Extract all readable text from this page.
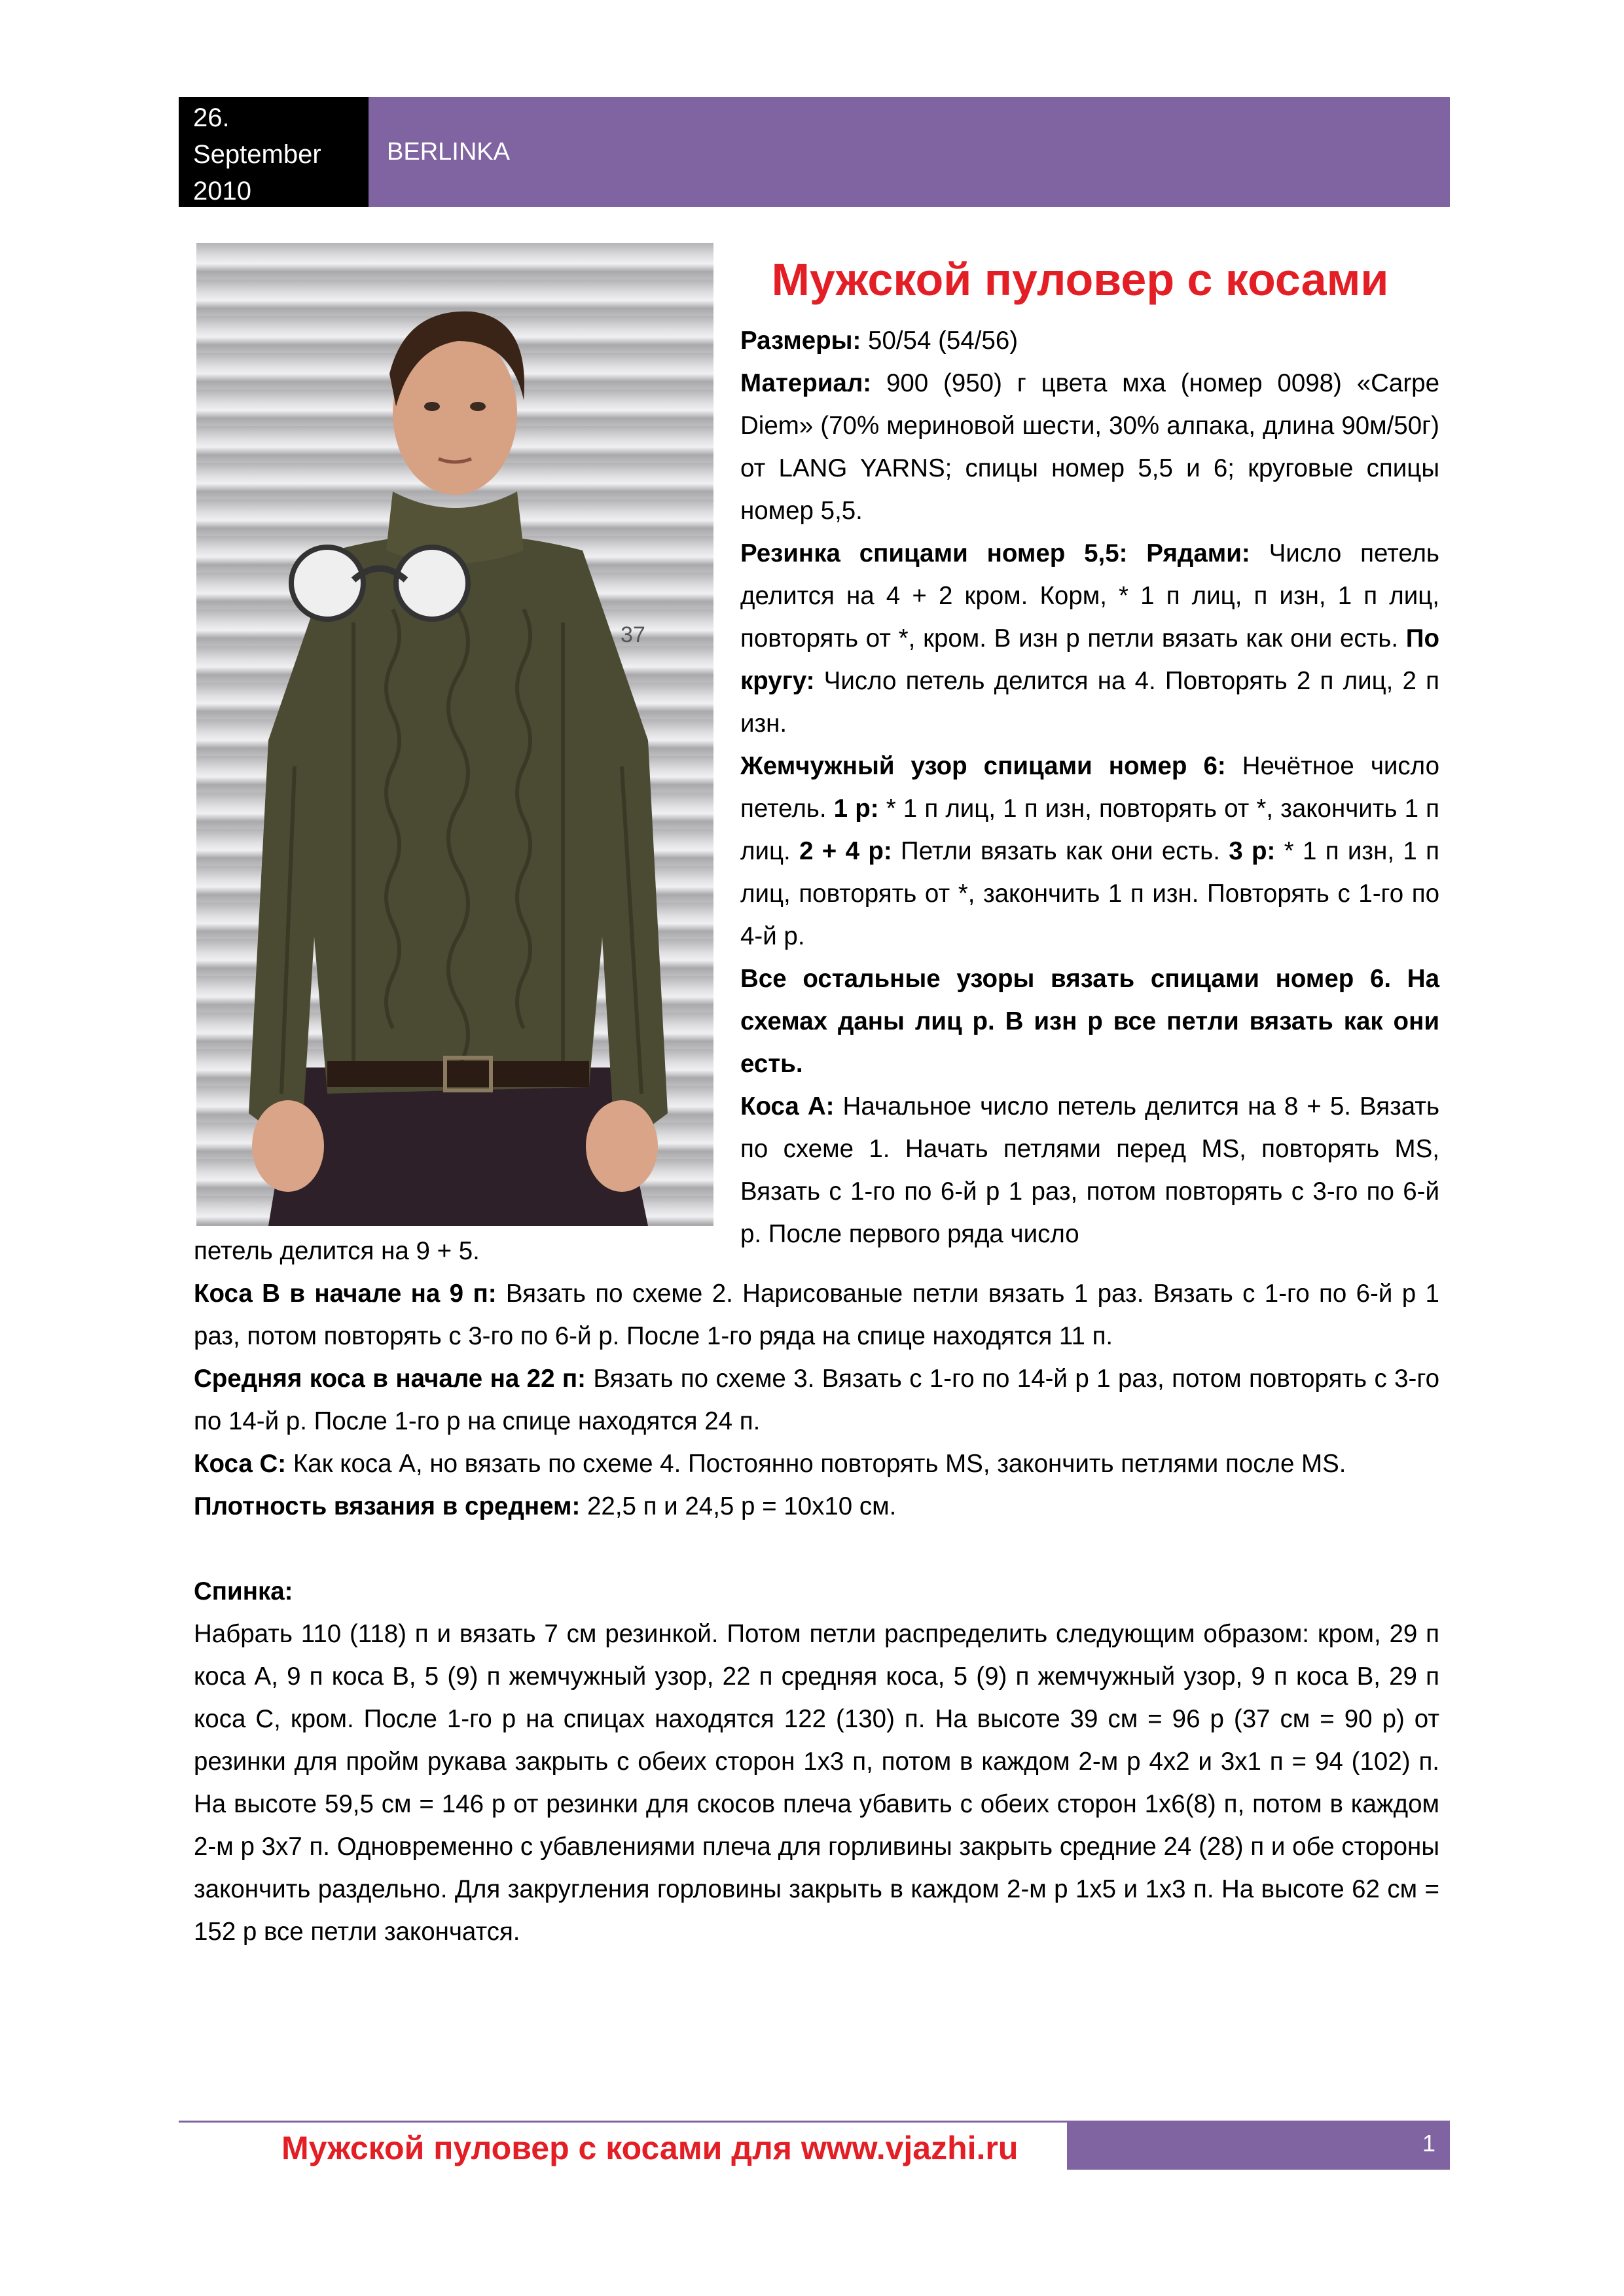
26.
September
2010
BERLINKA
37
Мужской пуловер с косами

Размеры: 50/54 (54/56)

Материал: 900 (950) г цвета мха (номер 0098) «Carpe Diem» (70% мериновой шести, 30% алпака, длина 90м/50г) от LANG YARNS; спицы номер 5,5 и 6; круговые спицы номер 5,5.

Резинка спицами номер 5,5: Рядами: Число петель делится на 4 + 2 кром. Корм, * 1 п лиц, п изн, 1 п лиц, повторять от *, кром. В изн р петли вязать как они есть. По кругу: Число петель делится на 4. Повторять 2 п лиц, 2 п изн.

Жемчужный узор спицами номер 6: Нечётное число петель. 1 р: * 1 п лиц, 1 п изн, повторять от *, закончить 1 п лиц. 2 + 4 р: Петли вязать как они есть. 3 р: * 1 п изн, 1 п лиц, повторять от *, закончить 1 п изн. Повторять с 1-го по 4-й р.

Все остальные узоры вязать спицами номер 6. На схемах даны лиц р. В изн р все петли вязать как они есть.

Коса А: Начальное число петель делится на 8 + 5. Вязать по схеме 1. Начать петлями перед MS, повторять MS, Вязать с 1-го по 6-й р 1 раз, потом повторять с 3-го по 6-й р. После первого ряда число

петель делится на 9 + 5.

Коса В в начале на 9 п: Вязать по схеме 2. Нарисованые петли вязать 1 раз. Вязать с 1-го по 6-й р 1 раз, потом повторять с 3-го по 6-й р. После 1-го ряда на спице находятся 11 п.

Средняя коса в начале на 22 п: Вязать по схеме 3. Вязать с 1-го по 14-й р 1 раз, потом повторять с 3-го по 14-й р. После 1-го р на спице находятся 24 п.

Коса С: Как коса А, но вязать по схеме 4. Постоянно повторять MS, закончить петлями после MS.

Плотность вязания в среднем: 22,5 п и 24,5 р = 10х10 см.

Спинка:

Набрать 110 (118) п и вязать 7 см резинкой. Потом петли распределить следующим образом: кром, 29 п коса А, 9 п коса В, 5 (9) п жемчужный узор, 22 п средняя коса, 5 (9) п жемчужный узор, 9 п коса В, 29 п коса С, кром. После 1-го р на спицах находятся 122 (130) п. На высоте 39 см = 96 р (37 см = 90 р) от резинки для пройм рукава закрыть с обеих сторон 1х3 п, потом в каждом 2-м р 4х2 и 3х1 п = 94 (102) п. На высоте 59,5 см = 146 р от резинки для скосов плеча убавить с обеих сторон 1х6(8) п, потом в каждом 2-м р 3х7 п. Одновременно с убавлениями плеча для горливины закрыть средние 24 (28) п и обе стороны закончить раздельно. Для закругления горловины закрыть в каждом 2-м р 1х5 и 1х3 п. На высоте 62 см = 152 р все петли закончатся.

Мужской пуловер с косами для www.vjazhi.ru	1
